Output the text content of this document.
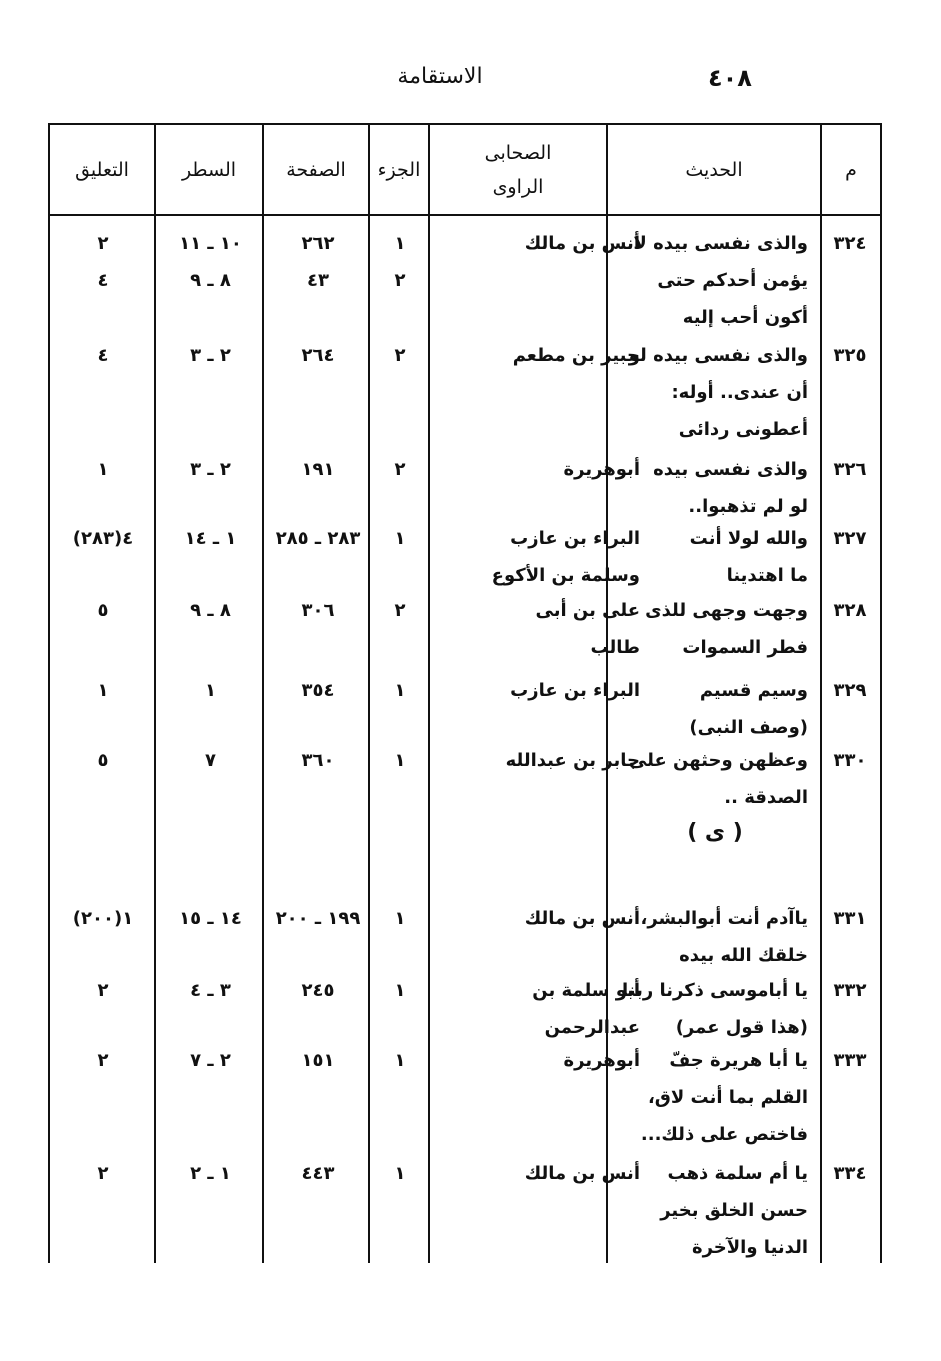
٤٠٨
الاستقامة
م
الحديث
الصحابى
الراوى
الجزء
الصفحة
السطر
التعليق
٣٢٤
والذى نفسى بيده لا
يؤمن أحدكم حتى
أكون أحب إليه
أنس بن مالك
١
٢
٢٦٢
٤٣
١٠ ـ ١١
٨ ـ ٩
٢
٤
٣٢٥
والذى نفسى بيده لو
أن عندى.. أوله:
أعطونى ردائى
جبير بن مطعم
٢
٢٦٤
٢ ـ ٣
٤
٣٢٦
والذى نفسى بيده
لو لم تذهبوا..
أبوهريرة
٢
١٩١
٢ ـ ٣
١
٣٢٧
والله لولا أنت
ما اهتدينا
البراء بن عازب
وسلمة بن الأكوع
١
٢٨٣ ـ ٢٨٥
١ ـ ١٤
٤(٢٨٣)
٣٢٨
وجهت وجهى للذى
فطر السموات
على بن أبى
طالب
٢
٣٠٦
٨ ـ ٩
٥
٣٢٩
وسيم قسيم
(وصف النبى)
البراء بن عازب
١
٣٥٤
١
١
٣٣٠
وعظهن وحثهن على
الصدقة ..
جابر بن عبدالله
١
٣٦٠
٧
٥
٣٣١
ياآدم أنت أبوالبشر،
خلقك الله بيده
أنس بن مالك
١
١٩٩ ـ ٢٠٠
١٤ ـ ١٥
١(٢٠٠)
٣٣٢
يا أباموسى ذكرنا ربنا
(هذا قول عمر)
أبو سلمة بن
عبدالرحمن
١
٢٤٥
٣ ـ ٤
٢
٣٣٣
يا أبا هريرة جفّ
القلم بما أنت لاق،
فاختص على ذلك...
أبوهريرة
١
١٥١
٢ ـ ٧
٢
٣٣٤
يا أم سلمة ذهب
حسن الخلق بخير
الدنيا والآخرة
أنس بن مالك
١
٤٤٣
١ ـ ٢
٢
( ى )
